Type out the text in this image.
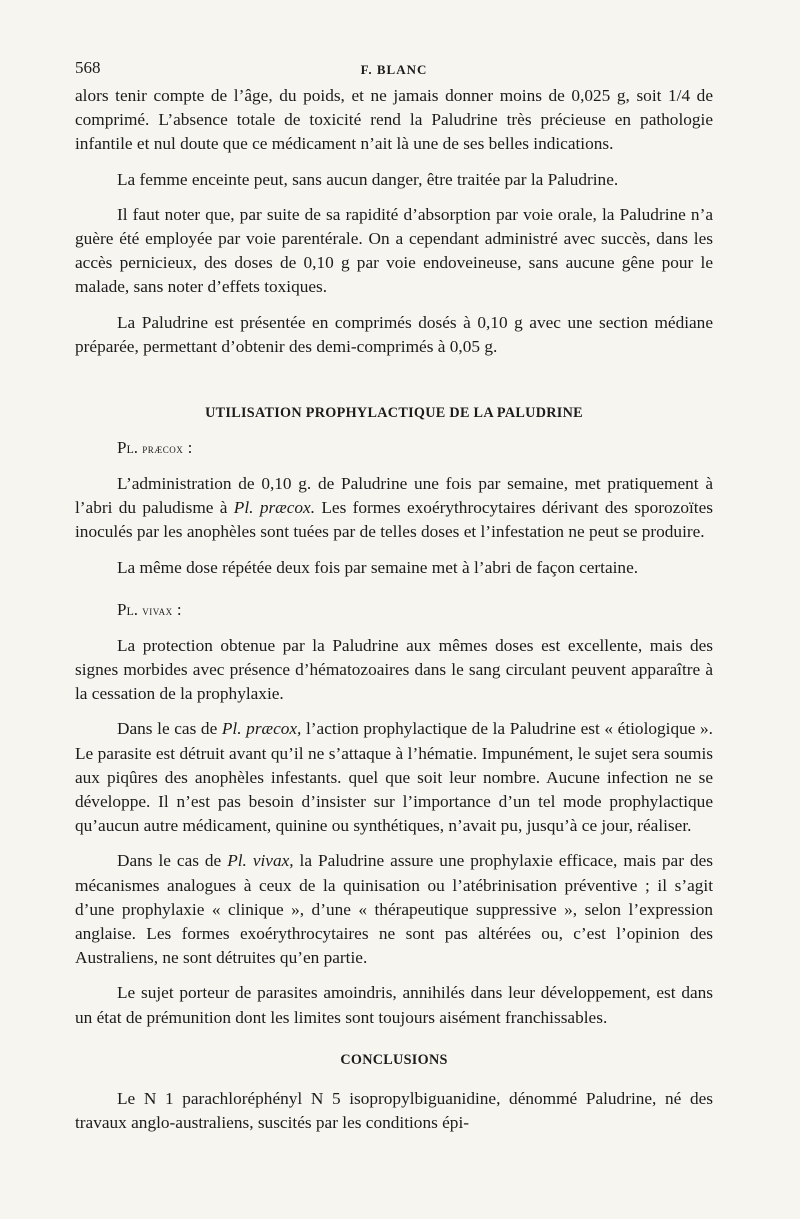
568	F. BLANC

alors tenir compte de l’âge, du poids, et ne jamais donner moins de 0,025 g, soit 1/4 de comprimé. L’absence totale de toxicité rend la Paludrine très précieuse en pathologie infantile et nul doute que ce médicament n’ait là une de ses belles indications.

La femme enceinte peut, sans aucun danger, être traitée par la Paludrine.

Il faut noter que, par suite de sa rapidité d’absorption par voie orale, la Paludrine n’a guère été employée par voie parentérale. On a cependant administré avec succès, dans les accès pernicieux, des doses de 0,10 g par voie endoveineuse, sans aucune gêne pour le malade, sans noter d’effets toxiques.

La Paludrine est présentée en comprimés dosés à 0,10 g avec une section médiane préparée, permettant d’obtenir des demi-comprimés à 0,05 g.

UTILISATION PROPHYLACTIQUE DE LA PALUDRINE
Pl. præcox :

L’administration de 0,10 g. de Paludrine une fois par semaine, met pratiquement à l’abri du paludisme à Pl. præcox. Les formes exoérythrocytaires dérivant des sporozoïtes inoculés par les anophèles sont tuées par de telles doses et l’infestation ne peut se produire.

La même dose répétée deux fois par semaine met à l’abri de façon certaine.

Pl. vivax :

La protection obtenue par la Paludrine aux mêmes doses est excellente, mais des signes morbides avec présence d’hématozoaires dans le sang circulant peuvent apparaître à la cessation de la prophylaxie.

Dans le cas de Pl. præcox, l’action prophylactique de la Paludrine est « étiologique ». Le parasite est détruit avant qu’il ne s’attaque à l’hématie. Impunément, le sujet sera soumis aux piqûres des anophèles infestants. quel que soit leur nombre. Aucune infection ne se développe. Il n’est pas besoin d’insister sur l’importance d’un tel mode prophylactique qu’aucun autre médicament, quinine ou synthétiques, n’avait pu, jusqu’à ce jour, réaliser.

Dans le cas de Pl. vivax, la Paludrine assure une prophylaxie efficace, mais par des mécanismes analogues à ceux de la quinisation ou l’atébrinisation préventive ; il s’agit d’une prophylaxie « clinique », d’une « thérapeutique suppressive », selon l’expression anglaise. Les formes exoérythrocytaires ne sont pas altérées ou, c’est l’opinion des Australiens, ne sont détruites qu’en partie.

Le sujet porteur de parasites amoindris, annihilés dans leur développement, est dans un état de prémunition dont les limites sont toujours aisément franchissables.

CONCLUSIONS

Le N 1 parachloréphényl N 5 isopropylbiguanidine, dénommé Paludrine, né des travaux anglo-australiens, suscités par les conditions épi-
